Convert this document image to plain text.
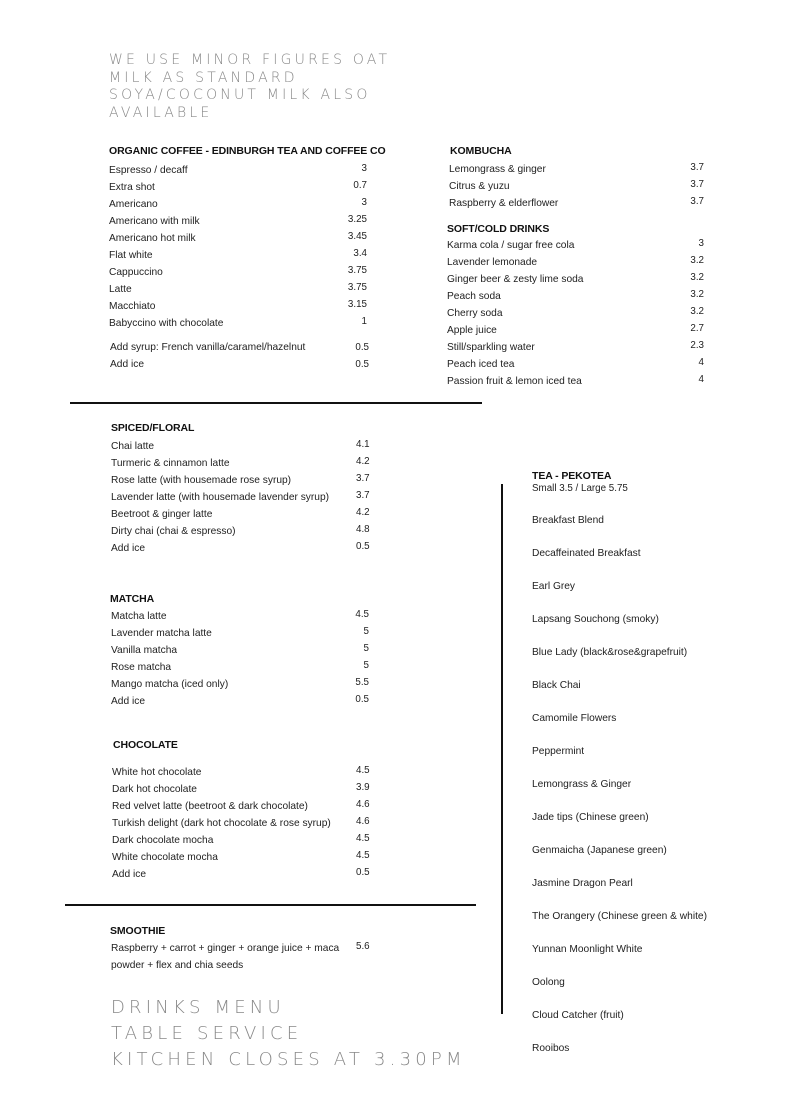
WE USE MINOR FIGURES OAT
MILK AS STANDARD
SOYA/COCONUT MILK ALSO
AVAILABLE
ORGANIC COFFEE - EDINBURGH TEA AND COFFEE CO
Espresso / decaff	3
Extra shot	0.7
Americano	3
Americano with milk	3.25
Americano hot milk	3.45
Flat white	3.4
Cappuccino	3.75
Latte	3.75
Macchiato	3.15
Babyccino with chocolate	1
Add syrup: French vanilla/caramel/hazelnut	0.5
Add ice	0.5
KOMBUCHA
Lemongrass & ginger	3.7
Citrus & yuzu	3.7
Raspberry & elderflower	3.7
SOFT/COLD DRINKS
Karma cola / sugar free cola	3
Lavender lemonade	3.2
Ginger beer & zesty lime soda	3.2
Peach soda	3.2
Cherry soda	3.2
Apple juice	2.7
Still/sparkling water	2.3
Peach iced tea	4
Passion fruit & lemon iced tea	4
SPICED/FLORAL
Chai latte	4.1
Turmeric & cinnamon latte	4.2
Rose latte (with housemade rose syrup)	3.7
Lavender latte (with housemade lavender syrup)	3.7
Beetroot & ginger latte	4.2
Dirty chai (chai & espresso)	4.8
Add ice	0.5
MATCHA
Matcha latte	4.5
Lavender matcha latte	5
Vanilla matcha	5
Rose matcha	5
Mango matcha (iced only)	5.5
Add ice	0.5
CHOCOLATE
White hot chocolate	4.5
Dark hot chocolate	3.9
Red velvet latte (beetroot & dark chocolate)	4.6
Turkish delight (dark hot chocolate & rose syrup)	4.6
Dark chocolate mocha	4.5
White chocolate mocha	4.5
Add ice	0.5
SMOOTHIE
Raspberry + carrot + ginger + orange juice + maca
powder + flex and chia seeds
5.6
TEA - PEKOTEA
Small 3.5 / Large 5.75
Breakfast Blend
Decaffeinated Breakfast
Earl Grey
Lapsang Souchong (smoky)
Blue Lady (black&rose&grapefruit)
Black Chai
Camomile Flowers
Peppermint
Lemongrass & Ginger
Jade tips (Chinese green)
Genmaicha (Japanese green)
Jasmine Dragon Pearl
The Orangery (Chinese green & white)
Yunnan Moonlight White
Oolong
Cloud Catcher (fruit)
Rooibos
DRINKS MENU
TABLE SERVICE
KITCHEN CLOSES AT 3.30PM
